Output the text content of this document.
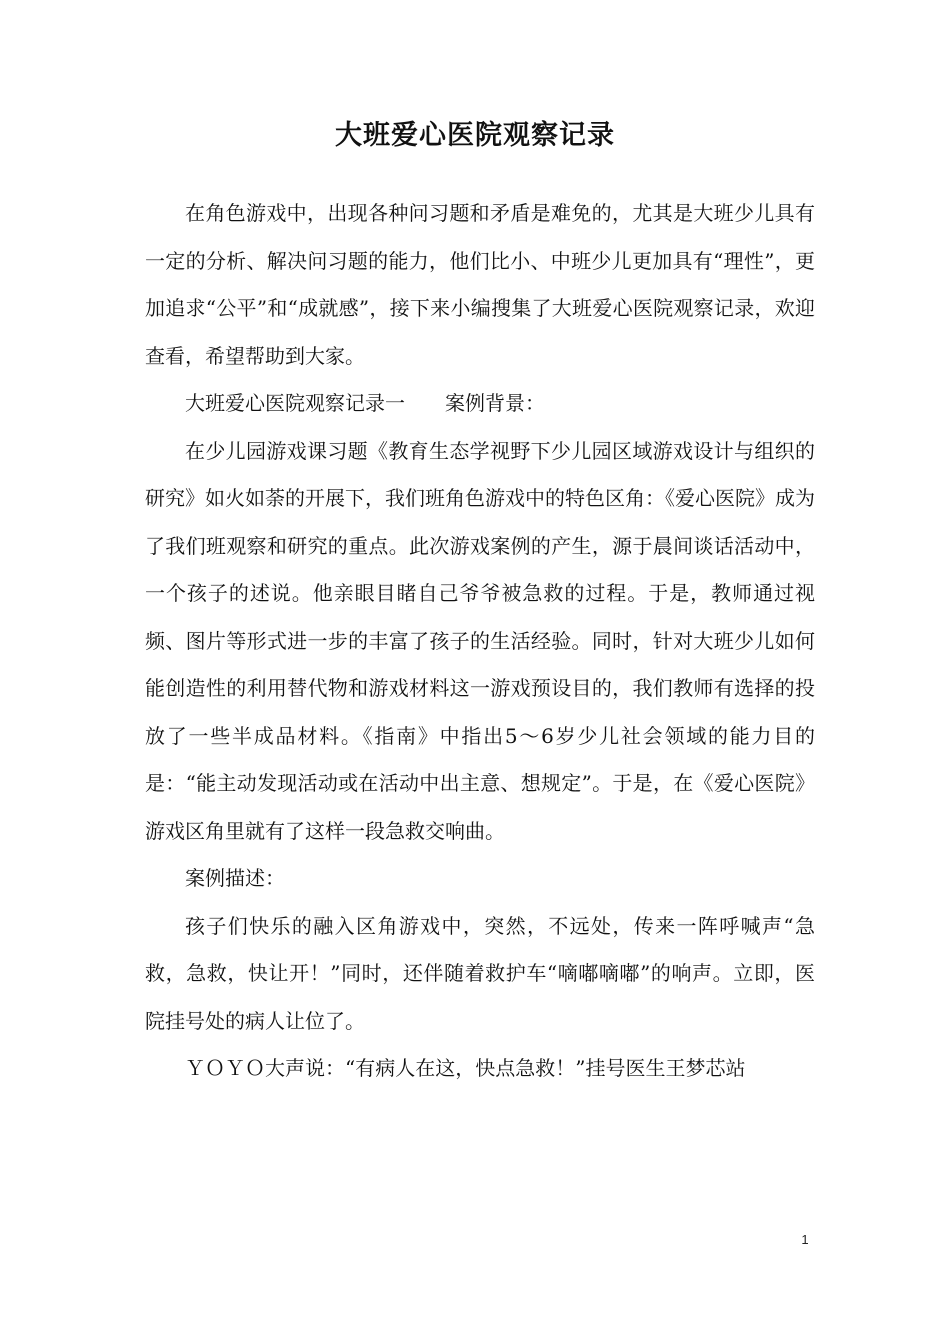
大班爱心医院观察记录

在角色游戏中，出现各种问习题和矛盾是难免的，尤其是大班少儿具有一定的分析、解决问习题的能力，他们比小、中班少儿更加具有“理性”，更加追求“公平”和“成就感”，接下来小编搜集了大班爱心医院观察记录，欢迎查看，希望帮助到大家。

大班爱心医院观察记录一　　案例背景：

在少儿园游戏课习题《教育生态学视野下少儿园区域游戏设计与组织的研究》如火如荼的开展下，我们班角色游戏中的特色区角：《爱心医院》成为了我们班观察和研究的重点。此次游戏案例的产生，源于晨间谈话活动中，一个孩子的述说。他亲眼目睹自己爷爷被急救的过程。于是，教师通过视频、图片等形式进一步的丰富了孩子的生活经验。同时，针对大班少儿如何能创造性的利用替代物和游戏材料这一游戏预设目的，我们教师有选择的投放了一些半成品材料。《指南》中指出5～6岁少儿社会领域的能力目的是：“能主动发现活动或在活动中出主意、想规定”。于是，在《爱心医院》游戏区角里就有了这样一段急救交响曲。

案例描述：

孩子们快乐的融入区角游戏中，突然，不远处，传来一阵呼喊声“急救，急救，快让开！”同时，还伴随着救护车“嘀嘟嘀嘟”的响声。立即，医院挂号处的病人让位了。

ＹＯＹＯ大声说：“有病人在这，快点急救！”挂号医生王梦芯站

1
